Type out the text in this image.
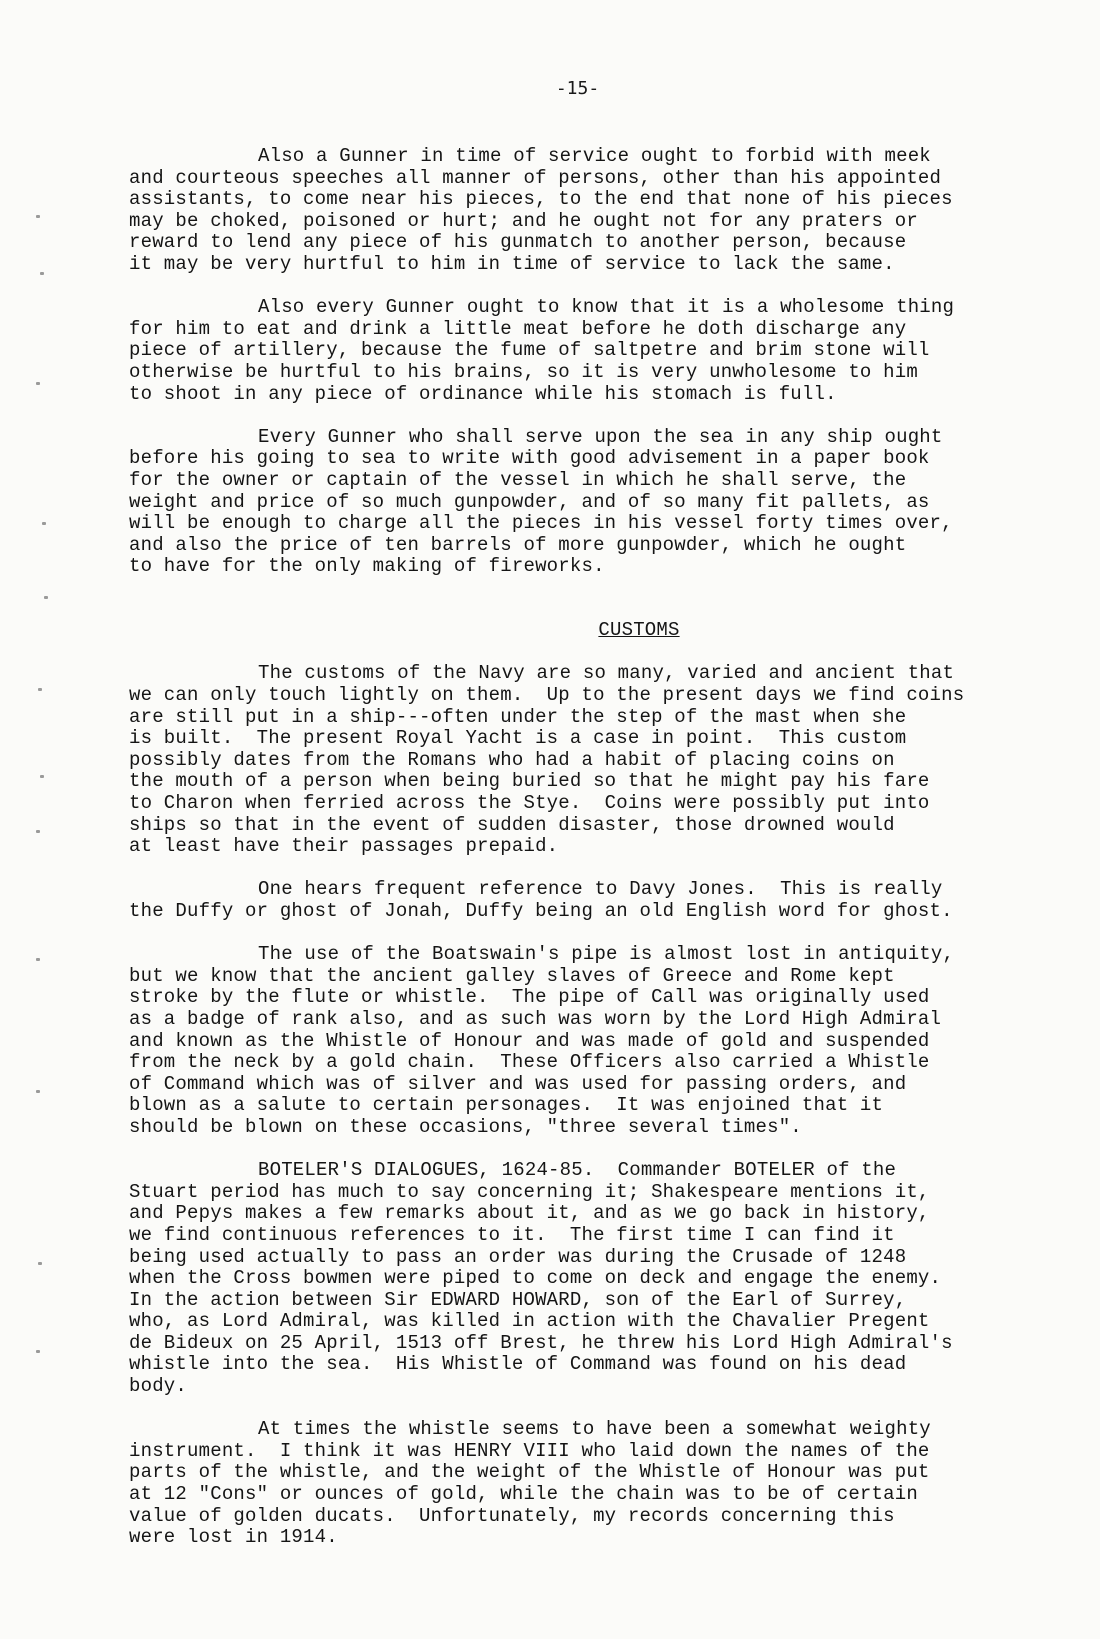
-15-
Also a Gunner in time of service ought to forbid with meek
and courteous speeches all manner of persons, other than his appointed
assistants, to come near his pieces, to the end that none of his pieces
may be choked, poisoned or hurt; and he ought not for any praters or
reward to lend any piece of his gunmatch to another person, because
it may be very hurtful to him in time of service to lack the same.
Also every Gunner ought to know that it is a wholesome thing
for him to eat and drink a little meat before he doth discharge any
piece of artillery, because the fume of saltpetre and brim stone will
otherwise be hurtful to his brains, so it is very unwholesome to him
to shoot in any piece of ordinance while his stomach is full.
Every Gunner who shall serve upon the sea in any ship ought
before his going to sea to write with good advisement in a paper book
for the owner or captain of the vessel in which he shall serve, the
weight and price of so much gunpowder, and of so many fit pallets, as
will be enough to charge all the pieces in his vessel forty times over,
and also the price of ten barrels of more gunpowder, which he ought
to have for the only making of fireworks.
CUSTOMS
The customs of the Navy are so many, varied and ancient that
we can only touch lightly on them.  Up to the present days we find coins
are still put in a ship---often under the step of the mast when she
is built.  The present Royal Yacht is a case in point.  This custom
possibly dates from the Romans who had a habit of placing coins on
the mouth of a person when being buried so that he might pay his fare
to Charon when ferried across the Stye.  Coins were possibly put into
ships so that in the event of sudden disaster, those drowned would
at least have their passages prepaid.
One hears frequent reference to Davy Jones.  This is really
the Duffy or ghost of Jonah, Duffy being an old English word for ghost.
The use of the Boatswain's pipe is almost lost in antiquity,
but we know that the ancient galley slaves of Greece and Rome kept
stroke by the flute or whistle.  The pipe of Call was originally used
as a badge of rank also, and as such was worn by the Lord High Admiral
and known as the Whistle of Honour and was made of gold and suspended
from the neck by a gold chain.  These Officers also carried a Whistle
of Command which was of silver and was used for passing orders, and
blown as a salute to certain personages.  It was enjoined that it
should be blown on these occasions, "three several times".
BOTELER'S DIALOGUES, 1624-85.  Commander BOTELER of the
Stuart period has much to say concerning it; Shakespeare mentions it,
and Pepys makes a few remarks about it, and as we go back in history,
we find continuous references to it.  The first time I can find it
being used actually to pass an order was during the Crusade of 1248
when the Cross bowmen were piped to come on deck and engage the enemy.
In the action between Sir EDWARD HOWARD, son of the Earl of Surrey,
who, as Lord Admiral, was killed in action with the Chavalier Pregent
de Bideux on 25 April, 1513 off Brest, he threw his Lord High Admiral's
whistle into the sea.  His Whistle of Command was found on his dead
body.
At times the whistle seems to have been a somewhat weighty
instrument.  I think it was HENRY VIII who laid down the names of the
parts of the whistle, and the weight of the Whistle of Honour was put
at 12 "Cons" or ounces of gold, while the chain was to be of certain
value of golden ducats.  Unfortunately, my records concerning this
were lost in 1914.
